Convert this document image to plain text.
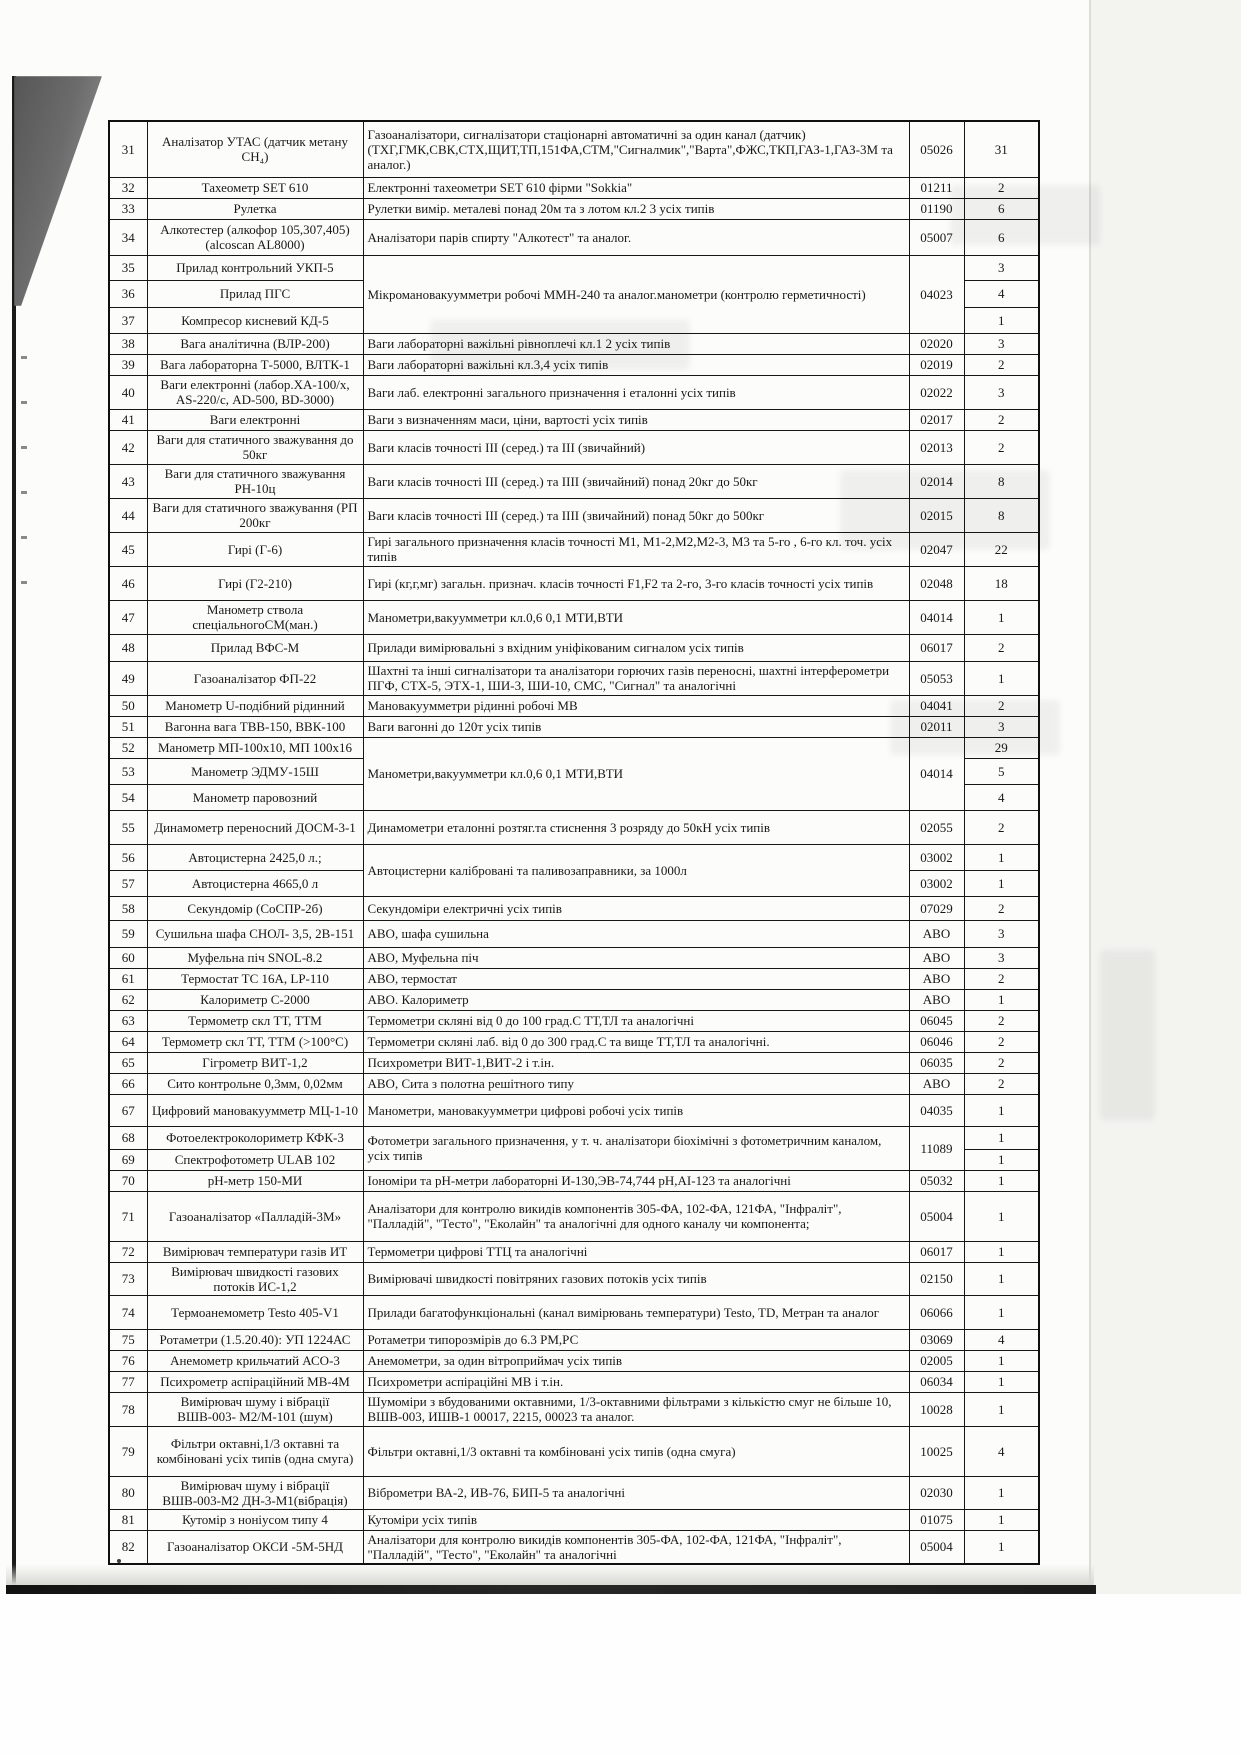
31	Аналізатор УТАС (датчик метану СН₄)	Газоаналізатори, сигналізатори стаціонарні автоматичні за один канал (датчик) (ТХГ,ГМК,СВК,СТХ,ЩИТ,ТП,151ФА,СТМ,"Сигналмик","Варта",ФЖС,ТКП,ГАЗ-1,ГАЗ-3М та аналог.)	05026	31
32	Тахеометр SET 610	Електронні тахеометри SET 610 фірми "Sokkia"	01211	2
33	Рулетка	Рулетки вимір. металеві понад 20м та з лотом кл.2 3 усіх типів	01190	6
34	Алкотестер (алкофор 105,307,405) (alcoscan AL8000)	Аналізатори парів спирту "Алкотест" та аналог.	05007	6
35	Прилад контрольний УКП-5	Мікромановакуумметри робочі ММН-240 та аналог.манометри (контролю герметичності)	04023	3
36	Прилад ПГС			4
37	Компресор кисневий КД-5			1
38	Вага аналітична (ВЛР-200)	Ваги лабораторні важільні рівноплечі кл.1 2 усіх типів	02020	3
39	Вага лабораторна Т-5000, ВЛТК-1	Ваги лабораторні важільні кл.3,4 усіх типів	02019	2
40	Ваги електронні (лабор.ХА-100/х, AS-220/с, AD-500, BD-3000)	Ваги лаб. електронні загального призначення і еталонні усіх типів	02022	3
41	Ваги електронні	Ваги з визначенням маси, ціни, вартості усіх типів	02017	2
42	Ваги для статичного зважування до 50кг	Ваги класів точності III (серед.) та III (звичайний)	02013	2
43	Ваги для статичного зважування РН-10ц	Ваги класів точності III (серед.) та IIII (звичайний) понад 20кг до 50кг	02014	8
44	Ваги для статичного зважування (РП 200кг	Ваги класів точності III (серед.) та IIII (звичайний) понад 50кг до 500кг	02015	8
45	Гирі (Г-6)	Гирі загального призначення класів точності М1, М1-2,М2,М2-3, М3 та 5-го , 6-го кл. точ. усіх типів	02047	22
46	Гирі (Г2-210)	Гирі (кг,г,мг) загальн. признач. класів точності F1,F2 та 2-го, 3-го класів точності усіх типів	02048	18
47	Манометр ствола спеціальногоСМ(ман.)	Манометри,вакуумметри кл.0,6 0,1 МТИ,ВТИ	04014	1
48	Прилад ВФС-М	Прилади вимірювальні з вхідним уніфікованим сигналом усіх типів	06017	2
49	Газоаналізатор ФП-22	Шахтні та інші сигналізатори та аналізатори горючих газів переносні, шахтні інтерферометри ПГФ, СТХ-5, ЭТХ-1, ШИ-3, ШИ-10, СМС, "Сигнал" та аналогічні	05053	1
50	Манометр U-подібний рідинний	Мановакуумметри рідинні робочі МВ	04041	2
51	Вагонна вага ТВВ-150, ВВК-100	Ваги вагонні до 120т усіх типів	02011	3
52	Манометр МП-100х10, МП 100х16	Манометри,вакуумметри кл.0,6 0,1 МТИ,ВТИ	04014	29
53	Манометр ЭДМУ-15Ш			5
54	Манометр паровозний			4
55	Динамометр переносний ДОСМ-3-1	Динамометри еталонні розтяг.та стиснення 3 розряду до 50кН усіх типів	02055	2
56	Автоцистерна 2425,0 л.;	Автоцистерни калібровані та паливозаправники, за 1000л	03002	1
57	Автоцистерна 4665,0 л		03002	1
58	Секундомір (СоСПР-2б)	Секундоміри електричні усіх типів	07029	2
59	Сушильна шафа СНОЛ- 3,5, 2В-151	АВО, шафа сушильна	АВО	3
60	Муфельна піч SNOL-8.2	АВО, Муфельна піч	АВО	3
61	Термостат ТС 16А, LP-110	АВО, термостат	АВО	2
62	Калориметр С-2000	АВО. Калориметр	АВО	1
63	Термометр скл ТТ, ТТМ	Термометри скляні від 0 до 100 град.С ТТ,ТЛ та аналогічні	06045	2
64	Термометр скл ТТ, ТТМ (>100°С)	Термометри скляні лаб. від 0 до 300 град.С та вище ТТ,ТЛ та аналогічні.	06046	2
65	Гігрометр ВИТ-1,2	Психрометри ВИТ-1,ВИТ-2 і т.ін.	06035	2
66	Сито контрольне 0,3мм, 0,02мм	АВО, Сита з полотна решітного типу	АВО	2
67	Цифровий мановакуумметр МЦ-1-10	Манометри, мановакуумметри цифрові робочі усіх типів	04035	1
68	Фотоелектроколориметр КФК-3	Фотометри загального призначення, у т. ч. аналізатори біохімічні з фотометричним каналом, усіх типів	11089	1
69	Спектрофотометр ULAB 102			1
70	рН-метр 150-МИ	Іономіри та рН-метри лабораторні И-130,ЭВ-74,744 рН,АІ-123 та аналогічні	05032	1
71	Газоаналізатор «Палладій-3М»	Аналізатори для контролю викидів компонентів 305-ФА, 102-ФА, 121ФА, "Інфраліт", "Палладій", "Тесто", "Еколайн" та аналогічні для одного каналу чи компонента;	05004	1
72	Вимірювач температури газів ИТ	Термометри цифрові ТТЦ та аналогічні	06017	1
73	Вимірювач швидкості газових потоків ИС-1,2	Вимірювачі швидкості повітряних газових потоків усіх типів	02150	1
74	Термоанемометр Testo 405-V1	Прилади багатофункціональні (канал вимірювань температури) Testo, TD, Метран та аналог	06066	1
75	Ротаметри (1.5.20.40): УП 1224АС	Ротаметри типорозмірів до 6.3 РМ,РС	03069	4
76	Анемометр крильчатий АСО-3	Анемометри, за один вітроприймач усіх типів	02005	1
77	Психрометр аспіраційний МВ-4М	Психрометри аспіраційні МВ і т.ін.	06034	1
78	Вимірювач шуму і вібрації ВШВ-003- М2/М-101 (шум)	Шумоміри з вбудованими октавними, 1/3-октавними фільтрами з кількістю смуг не більше 10, ВШВ-003, ИШВ-1 00017, 2215, 00023 та аналог.	10028	1
79	Фільтри октавні,1/3 октавні та комбіновані усіх типів (одна смуга)	Фільтри октавні,1/3 октавні та комбіновані усіх типів (одна смуга)	10025	4
80	Вимірювач шуму і вібрації ВШВ-003-М2 ДН-3-М1(вібрація)	Віброметри ВА-2, ИВ-76, БИП-5 та аналогічні	02030	1
81	Кутомір з ноніусом типу 4	Кутоміри усіх типів	01075	1
82	Газоаналізатор ОКСИ -5М-5НД	Аналізатори для контролю викидів компонентів 305-ФА, 102-ФА, 121ФА, "Інфраліт", "Палладій", "Тесто", "Еколайн" та аналогічні	05004	1
